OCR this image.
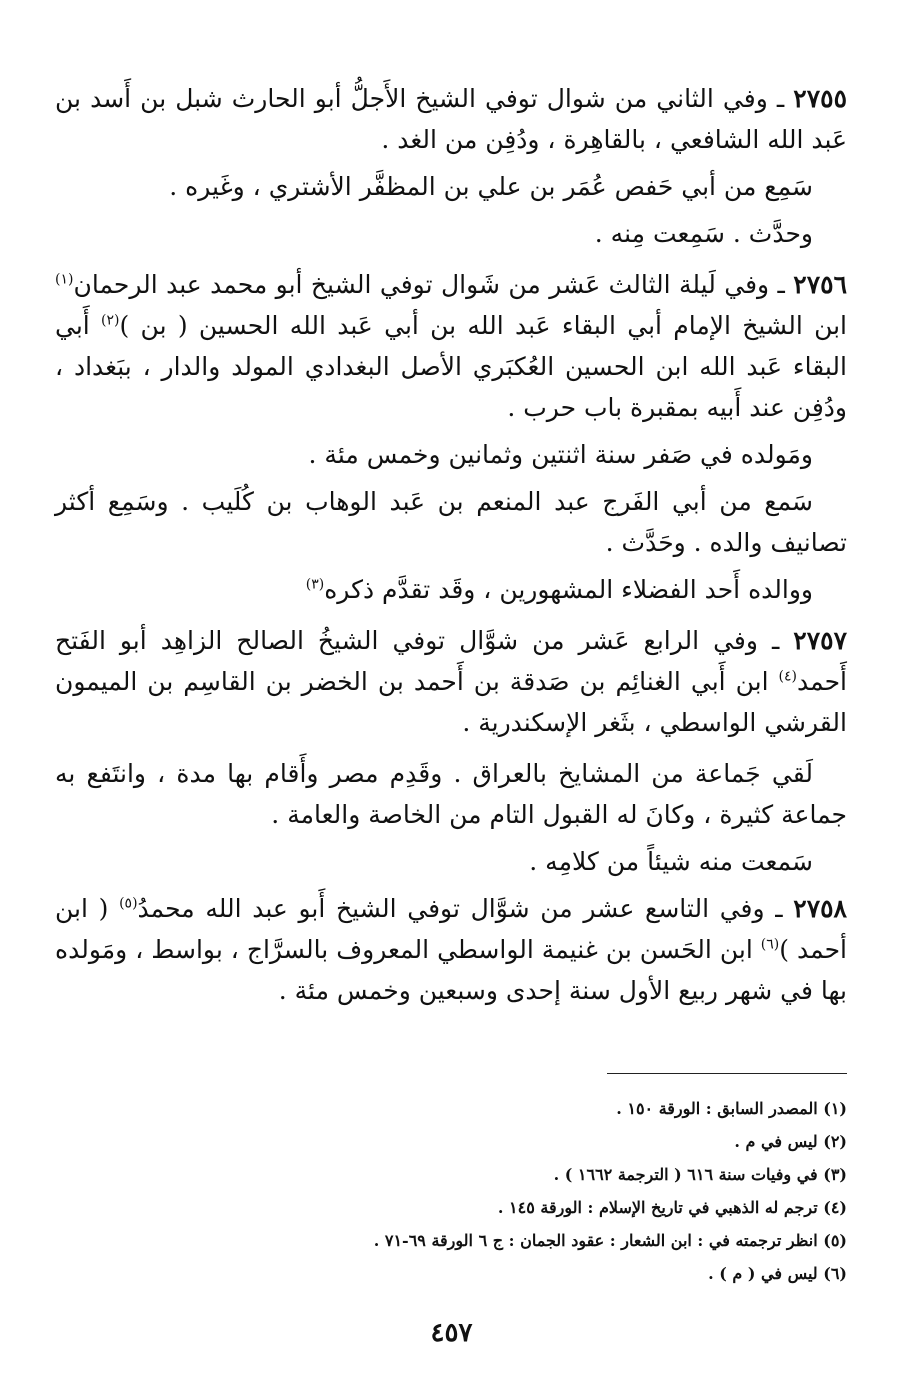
٢٧٥٥ ـ وفي الثاني من شوال توفي الشيخ الأَجلُّ أبو الحارث شبل بن أَسد بن عَبد الله الشافعي ، بالقاهِرة ، ودُفِن من الغد .

سَمِع من أبي حَفص عُمَر بن علي بن المظفَّر الأشتري ، وغَيره .

وحدَّث . سَمِعت مِنه .

٢٧٥٦ ـ وفي لَيلة الثالث عَشر من شَوال توفي الشيخ أبو محمد عبد الرحمان$^{(١)}$ ابن الشيخ الإمام أبي البقاء عَبد الله بن أبي عَبد الله الحسين ( بن )$^{(٢)}$ أَبي البقاء عَبد الله ابن الحسين العُكبَري الأصل البغدادي المولد والدار ، ببَغداد ، ودُفِن عند أَبيه بمقبرة باب حرب .

ومَولده في صَفر سنة اثنتين وثمانين وخمس مئة .

سَمع من أبي الفَرج عبد المنعم بن عَبد الوهاب بن كُلَيب . وسَمِع أكثر تصانيف والده . وحَدَّث .

ووالده أَحد الفضلاء المشهورين ، وقَد تقدَّم ذكره$^{(٣)}$

٢٧٥٧ ـ وفي الرابع عَشر من شوَّال توفي الشيخُ الصالح الزاهِد أبو الفَتح أَحمد$^{(٤)}$ ابن أَبي الغنائِم بن صَدقة بن أَحمد بن الخضر بن القاسِم بن الميمون القرشي الواسطي ، بثَغر الإسكندرية .

لَقي جَماعة من المشايخ بالعراق . وقَدِم مصر وأَقام بها مدة ، وانتَفع به جماعة كثيرة ، وكانَ له القبول التام من الخاصة والعامة .

سَمعت منه شيئاً من كلامِه .

٢٧٥٨ ـ وفي التاسع عشر من شوَّال توفي الشيخ أَبو عبد الله محمدُ$^{(٥)}$ ( ابن أحمد )$^{(٦)}$ ابن الحَسن بن غنيمة الواسطي المعروف بالسرَّاج ، بواسط ، ومَولده بها في شهر ربيع الأول سنة إحدى وسبعين وخمس مئة .

(١) المصدر السابق : الورقة ١٥٠ .
(٢) ليس في م .
(٣) في وفيات سنة ٦١٦ ( الترجمة ١٦٦٢ ) .
(٤) ترجم له الذهبي في تاريخ الإسلام : الورقة ١٤٥ .
(٥) انظر ترجمته في : ابن الشعار : عقود الجمان : ج ٦ الورقة ٦٩-٧١ .
(٦) ليس في ( م ) .
٤٥٧
